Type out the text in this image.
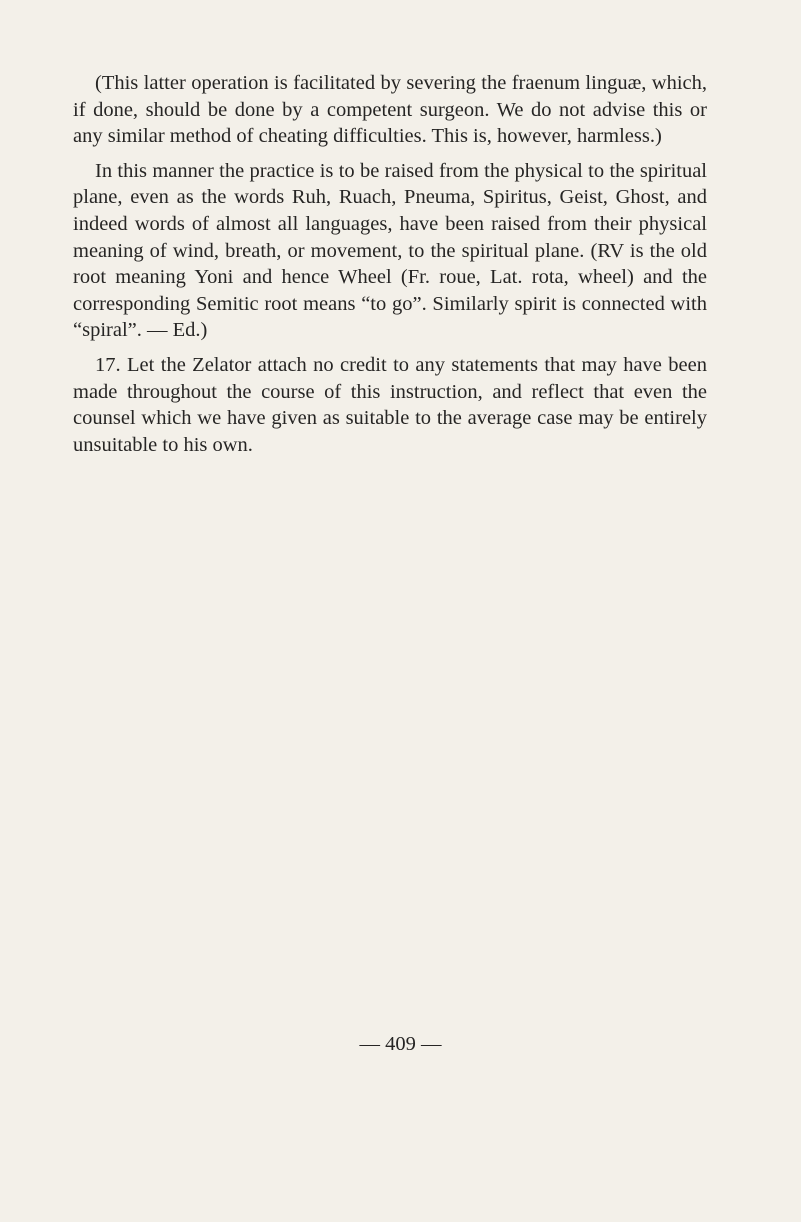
(This latter operation is facilitated by severing the fraenum linguæ, which, if done, should be done by a competent surgeon. We do not advise this or any similar method of cheating difficulties. This is, however, harmless.)

In this manner the practice is to be raised from the physical to the spiritual plane, even as the words Ruh, Ruach, Pneuma, Spiritus, Geist, Ghost, and indeed words of almost all languages, have been raised from their physical meaning of wind, breath, or movement, to the spiritual plane. (RV is the old root meaning Yoni and hence Wheel (Fr. roue, Lat. rota, wheel) and the corresponding Semitic root means “to go”. Similarly spirit is connected with “spiral”. — Ed.)

17. Let the Zelator attach no credit to any statements that may have been made throughout the course of this instruction, and reflect that even the counsel which we have given as suitable to the average case may be entirely unsuitable to his own.

— 409 —
